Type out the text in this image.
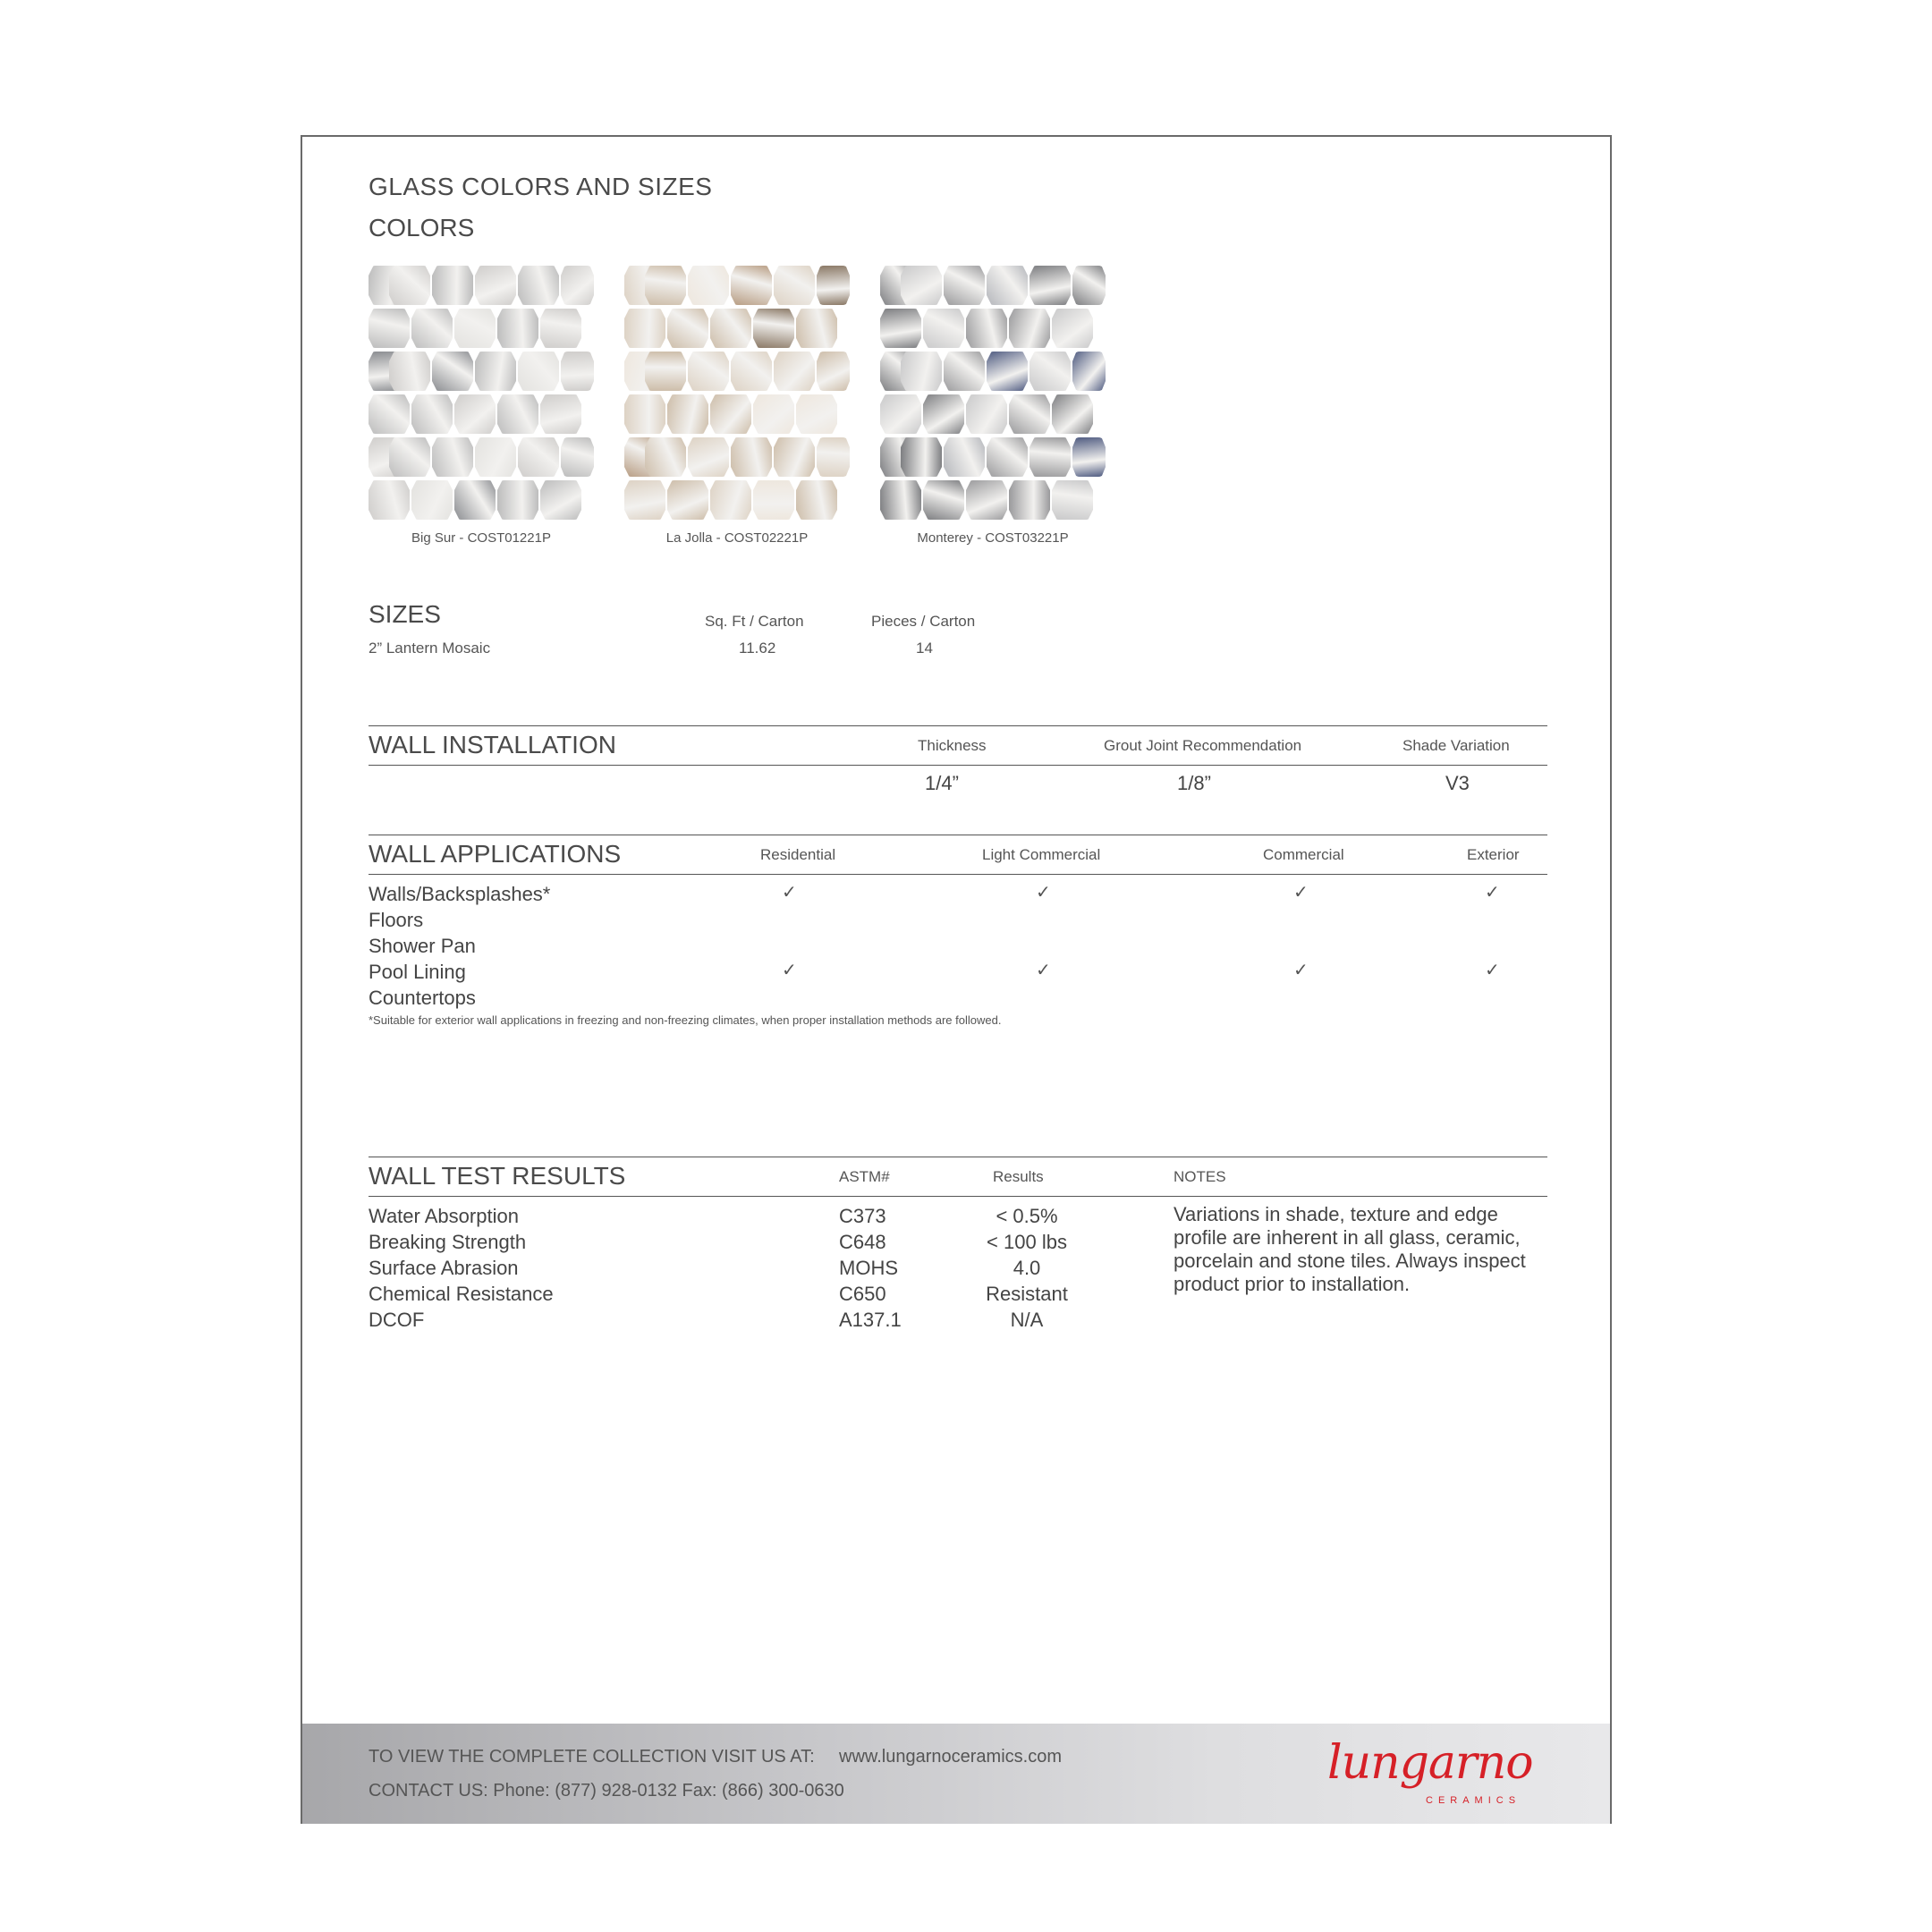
GLASS COLORS AND SIZES
COLORS
Big Sur - COST01221P	La Jolla - COST02221P	Monterey - COST03221P
SIZES	Sq. Ft / Carton	Pieces / Carton
2” Lantern Mosaic	11.62	14
WALL INSTALLATION	Thickness	Grout Joint Recommendation	Shade Variation
1/4”	1/8”	V3
WALL APPLICATIONS	Residential	Light Commercial	Commercial	Exterior
Walls/Backsplashes*	✓	✓	✓	✓
Floors
Shower Pan
Pool Lining	✓	✓	✓	✓
Countertops
*Suitable for exterior wall applications in freezing and non-freezing climates, when proper installation methods are followed.
WALL TEST RESULTS	ASTM#	Results	NOTES
Water Absorption	C373	< 0.5%
Breaking Strength	C648	< 100 lbs
Surface Abrasion	MOHS	4.0
Chemical Resistance	C650	Resistant
DCOF	A137.1	N/A
Variations in shade, texture and edge
profile are inherent in all glass, ceramic,
porcelain and stone tiles. Always inspect
product prior to installation.
TO VIEW THE COMPLETE COLLECTION VISIT US AT: www.lungarnoceramics.com
CONTACT US: Phone: (877) 928-0132 Fax: (866) 300-0630
lungarno
CERAMICS
